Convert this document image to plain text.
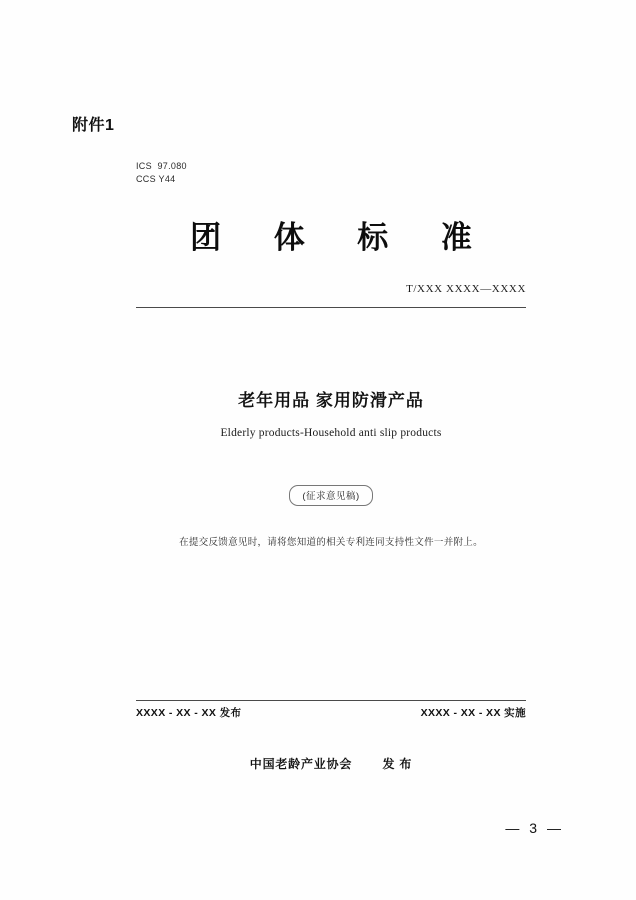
附件1
ICS  97.080
CCS Y44
团 体 标 准
T/XXX XXXX—XXXX
老年用品 家用防滑产品
Elderly products-Household anti slip products
(征求意见稿)
在提交反馈意见时，请将您知道的相关专利连同支持性文件一并附上。
XXXX - XX - XX 发布	XXXX - XX - XX 实施
中国老龄产业协会	发 布
— 3 —
